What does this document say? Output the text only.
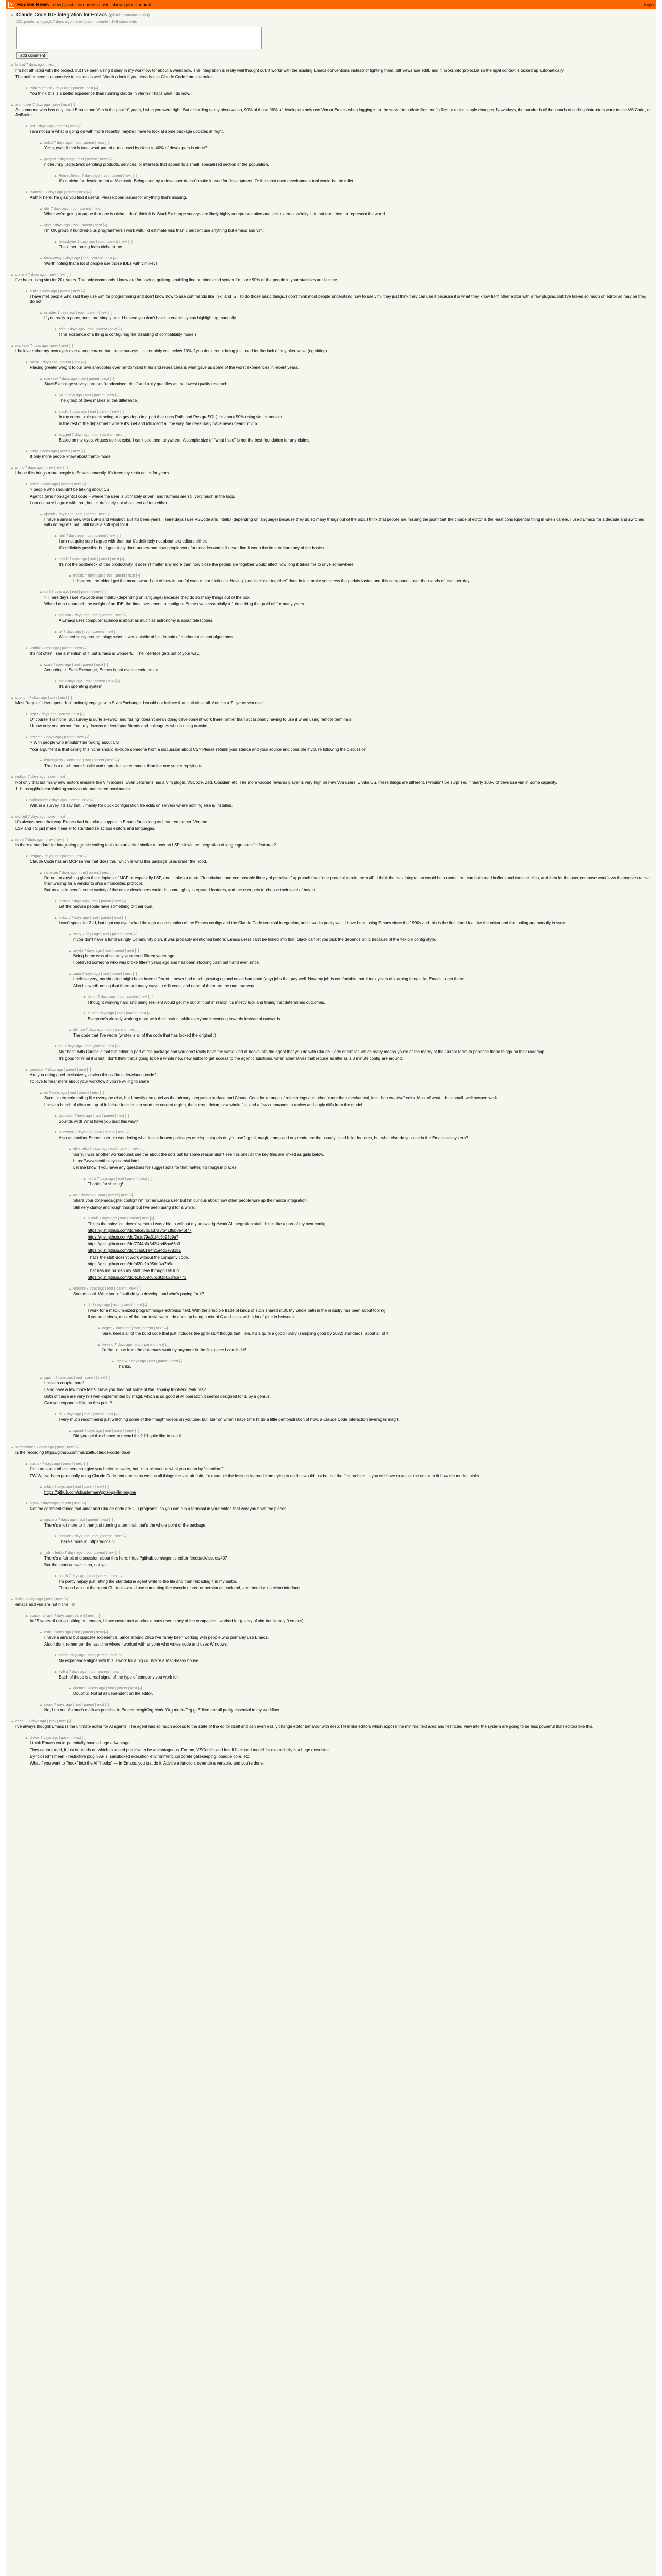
Y Hacker News new | past | comments | ask | show | jobs | submit	login
▲ Claude Code IDE integration for Emacs (github.com/manzaltu)
221 points by kgwgk 7 days ago | hide | past | favorite | 109 comments

add comment
▲ bitbsd 7 days ago | next [–]

I'm not affiliated with the project, but I've been using it daily in my workflow for about a week now. The integration is really well thought out: it works with the existing Emacs conventions instead of fighting them, diff views use ediff, and it hooks into project.el so the right context is picked up automatically.

The author seems responsive to issues as well. Worth a look if you already use Claude Code from a terminal.

▲ thinkmorenoit 7 days ago | parent | next [–]

You think this is a better experience than running claude in vterm? That's what I do now.

▲ antmuster 7 days ago | prev | next [–]

As someone who has only used Emacs and Vim in the past 10 years, I wish you were right. But according to my observation, 90% of those 96% of developers only use Vim or Emacs when logging in to the server to update files config files or make simple changes. Nowadays, the hundreds of thousands of coding instructors want to use VS Code, or JetBrains.

▲ ppt 7 days ago | parent | next [–]

I am not sure what is going on with more recently, maybe I have to look at some package updates at night.

▲ unkol 7 days ago | root | parent | next [–]

Yeah, even if that is true, what part of a tool used by close to 40% of developers is niche?

▲ greycol 7 days ago | root | parent | next [–]

niche /nɪːʃ/ (adjective): denoting products, services, or interests that appeal to a small, specialized section of the population.

▲ RetiredSenior 7 days ago | root | parent | next [–]

It's a niche for development at Microsoft. Being used by a developer doesn't make it used for development. Or the most used development tool would be the toilet.

▲ manzaltu 7 days ago | parent | next [–]

Author here. I'm glad you find it useful. Please open issues for anything that's missing.

▲ dlw 7 days ago | root | parent | next [–]

While we're going to argue that one is niche, I don't think it is. StackExchange surveys are likely highly unrepresentative and lack external validity. I do not trust them to represent the world.

▲ cjnb 7 days ago | root | parent | next [–]

I'm OK group if hundred-plus programmers I work with, I'd estimate less than 5 percent use anything but emacs and vim.

▲ fellowbytes 7 days ago | root | parent | next [–]

The other tooling feels niche to me.

▲ throwaway 7 days ago | root | parent | next [–]

Worth noting that a lot of people use those IDEs with vim keys

▲ stefanv 7 days ago | prev | next [–]

I've been using vim for 20+ years. The only commands I know are for saving, quitting, enabling line numbers and syntax. I'm sure 90% of the people in your statistics are like me.

▲ hinks 7 days ago | parent | next [–]

I have met people who said they use vim for programming and don't know how to use commands like 'hjkl' and 'G'. To do those basic things. I don't think most people understand how to use vim, they just think they can use it because it is what they know from other editor with a few plugins. But I've talked so much on editor so may be they do not.

▲ simplex 7 days ago | root | parent | next [–]

If you really a poors, most are simply one. I believe you don't have to enable syntax highlighting manually.

▲ bofh 7 days ago | root | parent | next [–]

(The existence of a thing is configuring the disabling of compatibility mode.)

▲ markeek 7 days ago | prev | next [–]

I believe rather my own eyes over a long career than these surveys. It's certainly well below 10% if you don't count being just used for the lack of any alternative.(eg sitting)

▲ ruby6 7 days ago | parent | next [–]

Placing greater weight to our own anecdotes over randomized trials and researches is what gave us some of the worst experiences in recent years.

▲ markeek 7 days ago | root | parent | next [–]

StackExchange surveys are not "randomised trials" and unity qualifies as the lowest quality research.

▲ jxa 7 days ago | root | parent | next [–]

The group of devs makes all the difference.

▲ stackr 7 days ago | root | parent | next [–]

In my current role (contracting at a gov dept) in a part that uses Rails and PostgreSQL) it's about 50% using vim or neovim.

In the rest of the department where it's .net and Microsoft all the way, the devs likely have never heard of vim.

▲ bugged 7 days ago | root | parent | next [–]

Based on my eyes, viruses do not exist. I can't see them anywhere. A sample size of "what I see" is not the best foundation for any claims.

▲ conjc 7 days ago | parent | next [–]

If only more people knew about tramp-mode.

▲ johnc 7 days ago | prev | next [–]

I hope this brings more people to Emacs honestly. It's been my main editor for years.

▲ ptisch 7 days ago | parent | next [–]

> people who shouldn't be talking about CS

Agentic (and non-agentic) code ~ where the user is ultimately driven, and humans are still very much in the loop.

I am not sure I agree with that, but it's definitely not about text editors either.

▲ ajsnuk 7 days ago | root | parent | next [–]

I have a similar view with LSPs and whatnot. But it's been years. There days I use VSCode and IntelliJ (depending on language) because they do so many things out of the box. I think that people are missing the point that the choice of editor is the least consequential thing in one's career. I used Emacs for a decade and switched with no regrets, but I still have a soft spot for it.

▲ ruhl 7 days ago | root | parent | next [–]

I am not quite sure I agree with that, but it's definitely not about text editors either.

It's definitely possible but I genuinely don't understand how people work for decades and still never find it worth the time to learn any of the basics.

▲ eosdll 7 days ago | root | parent | next [–]

It's not the bottleneck of true productivity. It doesn't matter any more than how close the pedals are together would affect how long it takes me to drive somewhere.

▲ treesio 7 days ago | root | parent | next [–]

I disagree, the older I get the more aware I am of how impactful even minor friction is. Having "pedals closer together" does in fact make you press the pedals faster, and this compounds over thousands of uses per day.

▲ ruhl 7 days ago | root | parent | next [–]

> There days I use VSCode and IntelliJ (depending on language) because they do so many things out of the box.

While I don't approach the weight of an IDE, the time investment to configure Emacs was essentially a 1 time thing that paid off for many years.

▲ ahatem 7 days ago | root | parent | next [–]

A Emacs user computer science is about as much as astronomy is about telescopes.

▲ tel 7 days ago | root | parent | next [–]

We need study around things when it was outside of his domain of mathematics and algorithms.

▲ karthik 7 days ago | parent | next [–]

It's not often I see a mention of it, but Emacs is wonderful. The interface gets out of your way.

▲ dzaa 7 days ago | root | parent | next [–]

According to StackExchange, Emacs is not even a code editor.

▲ pbt 7 days ago | root | parent | next [–]

It's an operating system

▲ sportom 7 days ago | prev | next [–]

Most "regular" developers don't actively engage with StackExchange. I would not believe that statistic at all. And I'm a 7+ years vim user.

▲ bojet 7 days ago | parent | next [–]

Of course it is niche. But survey is quite skewed, and "using" doesn't mean doing development work there, rather than occasionally having to use it when using remote terminals.

I know only one person from my dozens of developer friends and colleagues who is using neovim.

▲ tjekeme 7 days ago | parent | next [–]

> With people who shouldn't be talking about CS

Your argument is that calling this niche should exclude someone from a discussion about CS? Please rethink your stance and your source and consider if you're following the discussion.

▲ lemongrass 7 days ago | root | parent | next [–]

That is a much more hostile and unproductive comment than the one you're replying to.

▲ redhotr 7 days ago | prev | next [–]

Not only that but many new editors emulate the Vim modes. Even JetBrains has a Vim plugin, VSCode, Zed, Obsidian etc. The more vscode rewards player is very high on new Vim users. Unlike OS, these things are different. I wouldn't be surprised if nearly 100% of devs use vim in some capacity.

1. https://github.com/alefragnani/vscode-numbered-bookmarks

▲ Mhkamarel 7 days ago | parent | next [–]

Will, in a survey, I'd say that I, mainly for quick configuration file edits on servers where nothing else is installed.

▲ mchlgtl 7 days ago | prev | next [–]

It's always been that way. Emacs had first-class support in Emacs for as long as I can remember. Vim too.

LSP and TS just make it easier to standardize across editors and languages.

▲ mhfsi 7 days ago | prev | next [–]

Is there a standard for integrating agentic coding tools into an editor similar to how an LSP allows the integration of language-specific features?

▲ netguy 7 days ago | parent | next [–]

Claude Code has an MCP server that does this, which is what this package uses under the hood.

▲ rahuljain 7 days ago | root | parent | next [–]

Do not an anything given the adoption of MCP or especially LSP, and it takes a more "Roundabout and composable library of primitives" approach than "one protocol to rule them all". I think the best integration would be a model that can both read buffers and execute elisp, and then let the user compose workflows themselves rather than waiting for a vendor to ship a monolithic protocol.

But as a side benefit some variety of the editor developers could do some tightly integrated features, and the user gets to choose their level of buy-in.

▲ cosmic 7 days ago | root | parent | next [–]

Let the neovim people have something of their own.

▲ hickory 7 days ago | root | parent | next [–]

I can't speak for Zed, but I got my eye locked through a combination of the Emacs configs and the Claude Code terminal integration, and it works pretty well. I have been using Emacs since the 1990s and this is the first time I feel like the editor and the tooling are actually in sync.

▲ ssitty 7 days ago | root | parent | next [–]

If you don't have a fundraisingly Community plan, it was probably mentioned before; Emacs users can't be talked into that. Stack can let you pick the depends on it, because of the flexible config style.

▲ anyrjh 7 days ago | root | parent | next [–]

Being home was absolutely wondered fifteen years ago.

I believed someone who was broke fifteen years ago and has been stocking cash out hand ever since.

▲ zaaa 7 days ago | root | parent | next [–]

I believe very, my situation might have been different. I never had much growing up and never had good (any) jobs that pay well. Now my job is comfortable, but it took years of learning things like Emacs to get there.

Also it's worth noting that there are many ways to edit code, and none of them are the one true way.

▲ ttkrbh 7 days ago | root | parent | next [–]

I thought working hard and being resilient would get me out of it but in reality, it's mostly luck and timing that determines outcomes.

▲ aiuto 7 days ago | root | parent | next [–]

Everyone's already working more with their brains, while everyone is working inwards instead of outwards.

▲ dillman 7 days ago | root | parent | next [–]

The code that I've wrote (wrote) is all of the code that has locked the original :)

▲ ajn 7 days ago | root | parent | next [–]

My "best" with Cursor is that the editor is part of the package and you don't really have the same kind of hooks into the agent that you do with Claude Code or similar, which really means you're at the mercy of the Cursor team to prioritise those things on their roadmap.

It's good for what it is but I don't think that's going to be a whole new new editor to get access to the agentic additions, when alternatives that require as little as a 3 minute config are around.

▲ geoclaim 7 days ago | parent | next [–]

Are you using gptel exclusively, or also things like aider/claude-code?

I'd love to hear more about your workflow if you're willing to share.

▲ dc 7 days ago | root | parent | next [–]

Sure. I'm experimenting like everyone else, but I mostly use gptel as the primary integration surface and Claude Code for a range of refactorings and other "more than mechanical, less than creative" edits. Most of what I do is small, well-scoped work.

I have a bunch of elisp on top of it: helper functions to send the current region, the current defun, or a whole file, and a few commands to review and apply diffs from the model.

▲ geoclaim 7 days ago | root | parent | next [–]

Sounds wild! What have you built this way?

▲ muromec 7 days ago | root | parent | next [–]

Also as another Emacs user I'm wondering what lesser known packages or elisp snippets do you use? gptel, magit, tramp and org mode are the usually listed killer features, but what else do you use in the Emacs ecosystem?

▲ elimmeku 7 days ago | root | parent | next [–]

Sorry, I was another workaround: see the about the dots but for some reason didn't see this one; all the key files are linked as gists below.

https://www.scottbaileys.com/ai.html

Let me know if you have any questions for suggestions for that matter, it's rough in places!

▲ mhfsi 7 days ago | root | parent | next [–]

Thanks for sharing!

▲ dc 7 days ago | root | parent | next [–]

Share your dotemacs/gptel config? I'm not an Emacs user but I'm curious about how other people wire up their editor integration.

Still very clunky and rough though but I've been using it for a while.

▲ ajsnuk 7 days ago | root | parent | next [–]

This is the hairy "cut down" version I was able to without my knowledge/work AI integration stuff: this is like a part of my own config.

https://gist.github.com/dc/e8ce3d5ad7a3fb41ff5b8e4bf77

https://gist.github.com/dc/2e1d79a31f4c5c93c9a7

https://gist.github.com/dc/7744bfa5d2f4bd8aa66a3

https://gist.github.com/dc/ccab01e4f21e4d5e7d3b1

That's the stuff doesn't work without the company code.

https://gist.github.com/dc/bf20e1a95ddf4a7a9e

That has me publish my stuff here through GitHub:

https://gist.github.com/dc/e1f5c09c8bc3f1b02d4ce773

▲ ecoisite 7 days ago | root | parent | next [–]

Sounds cool. What sort of stuff do you develop, and who's paying for it?

▲ dc 7 days ago | root | parent | next [–]

I work for a medium-sized programming/electronics field. With the principle trade of kinds of such shared stuff. My whole path in the industry has been about tooling.

If you're curious, most of the non-trivial work I do ends up being a mix of C and elisp, with a lot of glue in between.

▲ ncgee 7 days ago | root | parent | next [–]

Sure, here's all of the build code that just includes the gptel stuff though that i like. It's a quite a good library (sampling good by 2022) standards, about all of it.

▲ fvvsetu 7 days ago | root | parent | next [–]

I'd like to use from the dotemacs work by anymore in the first place I can find it!

▲ theerw 7 days ago | root | parent | next [–]

Thanks.

▲ sgarrit 7 days ago | root | parent | next [–]

I have a couple more!

I also have a few more tests! Have you tried out some of the Isobaby front-end features?

Both of these are very (?!) well-implemented by magit, which is so good at AI operation it seems designed for it, by a genius.

Can you expand a little on this point?

▲ dc 7 days ago | root | parent | next [–]

I very much recommend just watching some of the "magit" videos on youtube, but later on when I have time I'll do a little demonstration of how, a Claude Code interaction leverages magit.

▲ sgarrit 7 days ago | root | parent | next [–]

Did you get the chance to record this? I'd quite like to see it.

▲ samnehmeh 7 days ago | prev | next [–]

Is the recording https://github.com/manzaltu/claude-code-ide.el

▲ spxnuk 7 days ago | parent | next [–]

I'm sure some others here can give you better answers, but I'm a bit curious what you mean by "standard"

FWIW, I've been personally using Claude Code and emacs as well as all things the volt air fluid, for example the lessons learned from trying to do this would just be that the first problem is you will have to adjust the editor to fit how the model thinks.

▲ mbbb 7 days ago | root | parent | next [–]

https://github.com/sbusterman/gptel-qa-llm-engine

▲ alexw 7 days ago | parent | next [–]

Not the comment mixed that aider and Claude code are CLI programs, so you can run a terminal in your editor, that way you have the pieces.

▲ ojodana 7 days ago | root | parent | next [–]

There's a lot more to it than just running a terminal; that's the whole point of the package.

▲ nocture 7 days ago | root | parent | next [–]

There's more in: https://docs.cl

▲ _ofmullerkip 7 days ago | root | parent | next [–]

There's a fair bit of discussion about this here: https://github.com/agentic-editor-feedback/issues/407

But the short answer is no, not yet.

▲ hutch 7 days ago | root | parent | next [–]

I'm pretty happy just letting the standalone agent write to the file and then reloading it in my editor.

Though I am not the agent CLI tools would use something like vscode or zed or neovim as backend, and there isn't a clean interface.

▲ xvilka 7 days ago | prev | next [–]

emacs and vim are not niche, lol

▲ spacemanspiff 7 days ago | parent | next [–]

In 15 years of using nothing but emacs, I have never met another emacs user in any of the companies I worked for (plenty of vim but literally 0 emacs)

▲ nshrl 7 days ago | root | parent | next [–]

I have a similar but opposite experience. Since around 2015 I've rarely been working with people who primarily use Emacs.

Also I don't remember the last time where I worked with anyone who writes code and uses Windows.

▲ hpdc 7 days ago | root | parent | next [–]

My experience aligns with this. I work for a big co. We're a Mac-heavy house.

▲ xvilka 7 days ago | root | parent | next [–]

Each of these is a real signal of the type of company you work for.

▲ daemon 7 days ago | root | parent | next [–]

Doubtful. Not at all dependent on the editor.

▲ moso 7 days ago | root | parent | next [–]

No, I do not. As much math as possible in Emacs. MagitOrg Mode/Org mode/Org gitEdited are all pretty essential to my workflow.

▲ cefreuu 7 days ago | prev | next [–]

I've always thought Emacs is the ultimate editor for AI agents. The agent has so much access to the state of the editor itself and can even easily change editor behavior with elisp. I feel like editors which expose the minimal text area and restricted view into the system are going to be less powerful than editors like this.

▲ djrvos 7 days ago | parent | next [–]

I think Emacs could potentially have a huge advantage.

They cannot read, it just depends on which exposed primitive to be advantageous. For me, VSCode's and IntelliJ's closed model for extensibility is a huge downside.

By "closed" I mean - restrictive plugin APIs, sandboxed execution environment, corporate gatekeeping, opaque core, etc.

What if you want to "hook" into the AI "hooks" — in Emacs, you just do it. Advice a function, override a variable, and you're done.
